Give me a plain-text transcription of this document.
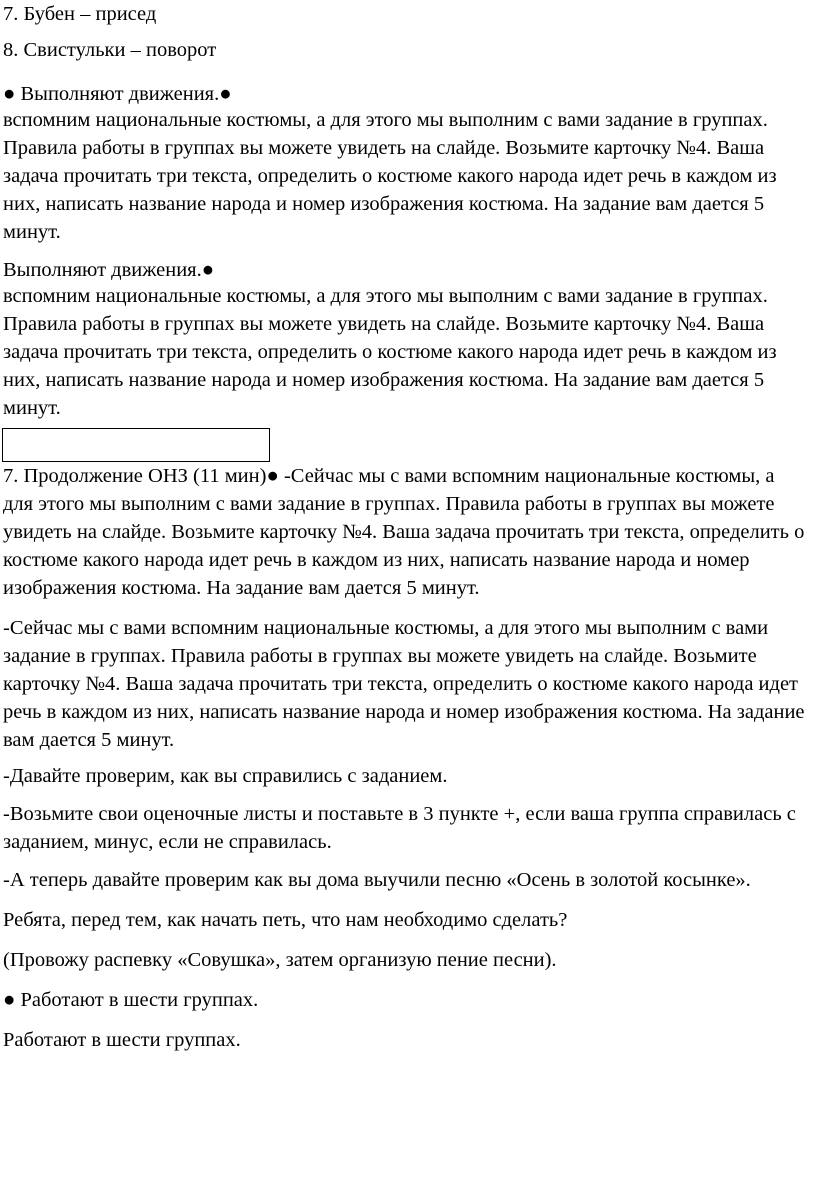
7. Бубен – присед

8. Свистульки – поворот

● Выполняют движения.●

вспомним национальные костюмы, а для этого мы выполним с вами задание в группах. Правила работы в группах вы можете увидеть на слайде. Возьмите карточку №4. Ваша задача прочитать три текста, определить о костюме какого народа идет речь в каждом из них, написать название народа и номер изображения костюма. На задание вам дается 5 минут.

Выполняют движения.●

вспомним национальные костюмы, а для этого мы выполним с вами задание в группах. Правила работы в группах вы можете увидеть на слайде. Возьмите карточку №4. Ваша задача прочитать три текста, определить о костюме какого народа идет речь в каждом из них, написать название народа и номер изображения костюма. На задание вам дается 5 минут.

7. Продолжение ОНЗ (11 мин)● -Сейчас мы с вами вспомним национальные костюмы, а для этого мы выполним с вами задание в группах. Правила работы в группах вы можете увидеть на слайде. Возьмите карточку №4. Ваша задача прочитать три текста, определить о костюме какого народа идет речь в каждом из них, написать название народа и номер изображения костюма. На задание вам дается 5 минут.

-Сейчас мы с вами вспомним национальные костюмы, а для этого мы выполним с вами задание в группах. Правила работы в группах вы можете увидеть на слайде. Возьмите карточку №4. Ваша задача прочитать три текста, определить о костюме какого народа идет речь в каждом из них, написать название народа и номер изображения костюма. На задание вам дается 5 минут.

-Давайте проверим, как вы справились с заданием.

-Возьмите свои оценочные листы и поставьте в 3 пункте +, если ваша группа справилась с заданием, минус, если не справилась.

-А теперь давайте проверим как вы дома выучили песню «Осень в золотой косынке».

Ребята, перед тем, как начать петь, что нам необходимо сделать?

(Провожу распевку «Совушка», затем организую пение песни).

● Работают в шести группах.

Работают в шести группах.
